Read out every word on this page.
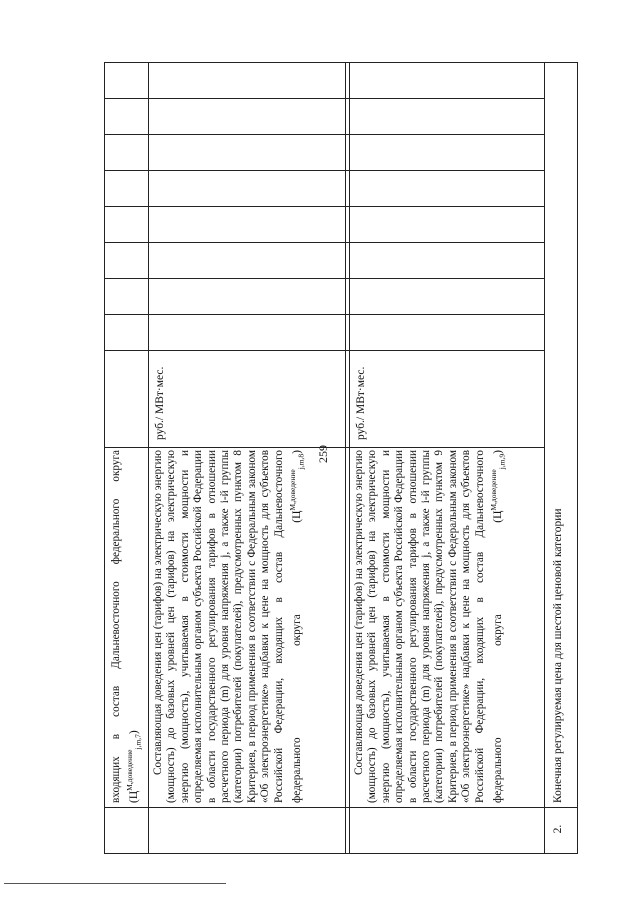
259
входящих в состав Дальневосточного федерального округа $(Ц^{М,доведение}_{j,m,7})$	Составляющая доведения цен (тарифов) на электрическую энергию (мощность) до базовых уровней цен (тарифов) на электрическую энергию (мощность), учитываемая в стоимости мощности и определяемая исполнительным органом субъекта Российской Федерации в области государственного регулирования тарифов в отношении расчетного периода (m) для уровня напряжения j, а также i-й группы (категории) потребителей (покупателей), предусмотренных пунктом 8 Критериев, в период применения в соответствии с Федеральным законом «Об электроэнергетике» надбавки к цене на мощность для субъектов Российской Федерации, входящих в состав Дальневосточного федерального округа $(Ц^{М,доведение}_{j,m,8})$
руб./ МВт·мес.
Составляющая доведения цен (тарифов) на электрическую энергию (мощность) до базовых уровней цен (тарифов) на электрическую энергию (мощность), учитываемая в стоимости мощности и определяемая исполнительным органом субъекта Российской Федерации в области государственного регулирования тарифов в отношении расчетного периода (m) для уровня напряжения j, а также i-й группы (категории) потребителей (покупателей), предусмотренных пунктом 9 Критериев, в период применения в соответствии с Федеральным законом «Об электроэнергетике» надбавки к цене на мощность для субъектов Российской Федерации, входящих в состав Дальневосточного федерального округа $(Ц^{М,доведение}_{j,m,9})$
руб./ МВт·мес.
2.
Конечная регулируемая цена для шестой ценовой категории
